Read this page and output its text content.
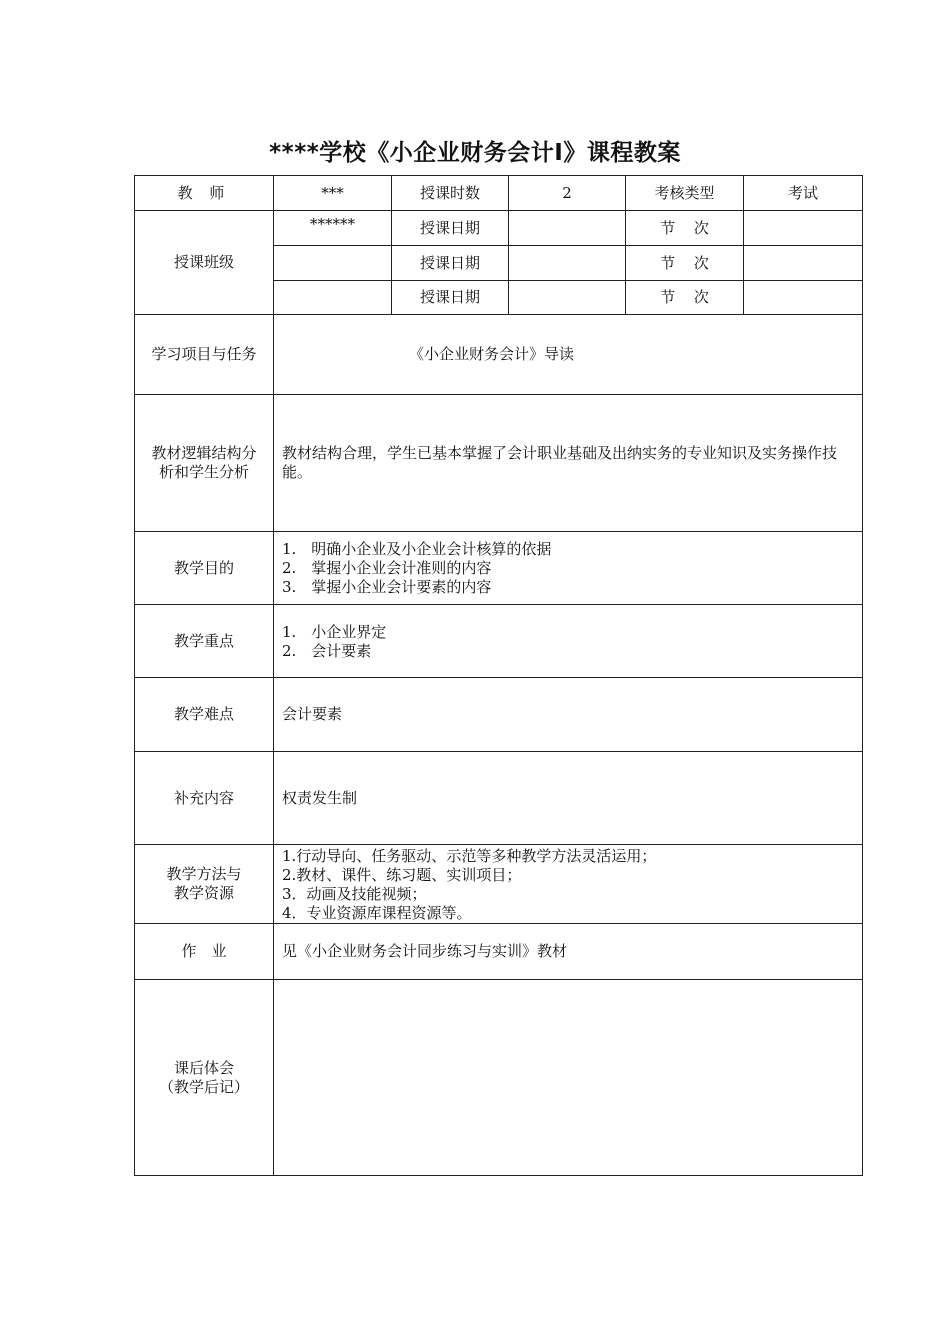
****学校《小企业财务会计Ⅰ》课程教案
教 师	***	授课时数	2	考核类型	考试
授课班级	******	授课日期		节 次	
		授课日期		节 次	
		授课日期		节 次	
学习项目与任务	《小企业财务会计》导读				

教材逻辑结构分
析和学生分析	教材结构合理，学生已基本掌握了会计职业基础及出纳实务的专业知识及实务操作技能。				
教学目的	1.　明确小企业及小企业会计核算的依据
2.　掌握小企业会计准则的内容
3.　掌握小企业会计要素的内容				

教学重点	1.　小企业界定
2.　会计要素				

教学难点	会计要素				
补充内容	权责发生制				

教学方法与
教学资源	1.行动导向、任务驱动、示范等多种教学方法灵活运用；
2.教材、课件、练习题、实训项目；
3．动画及技能视频；
4．专业资源库课程资源等。				

作　业	见《小企业财务会计同步练习与实训》教材				

课后体会
（教学后记）					
